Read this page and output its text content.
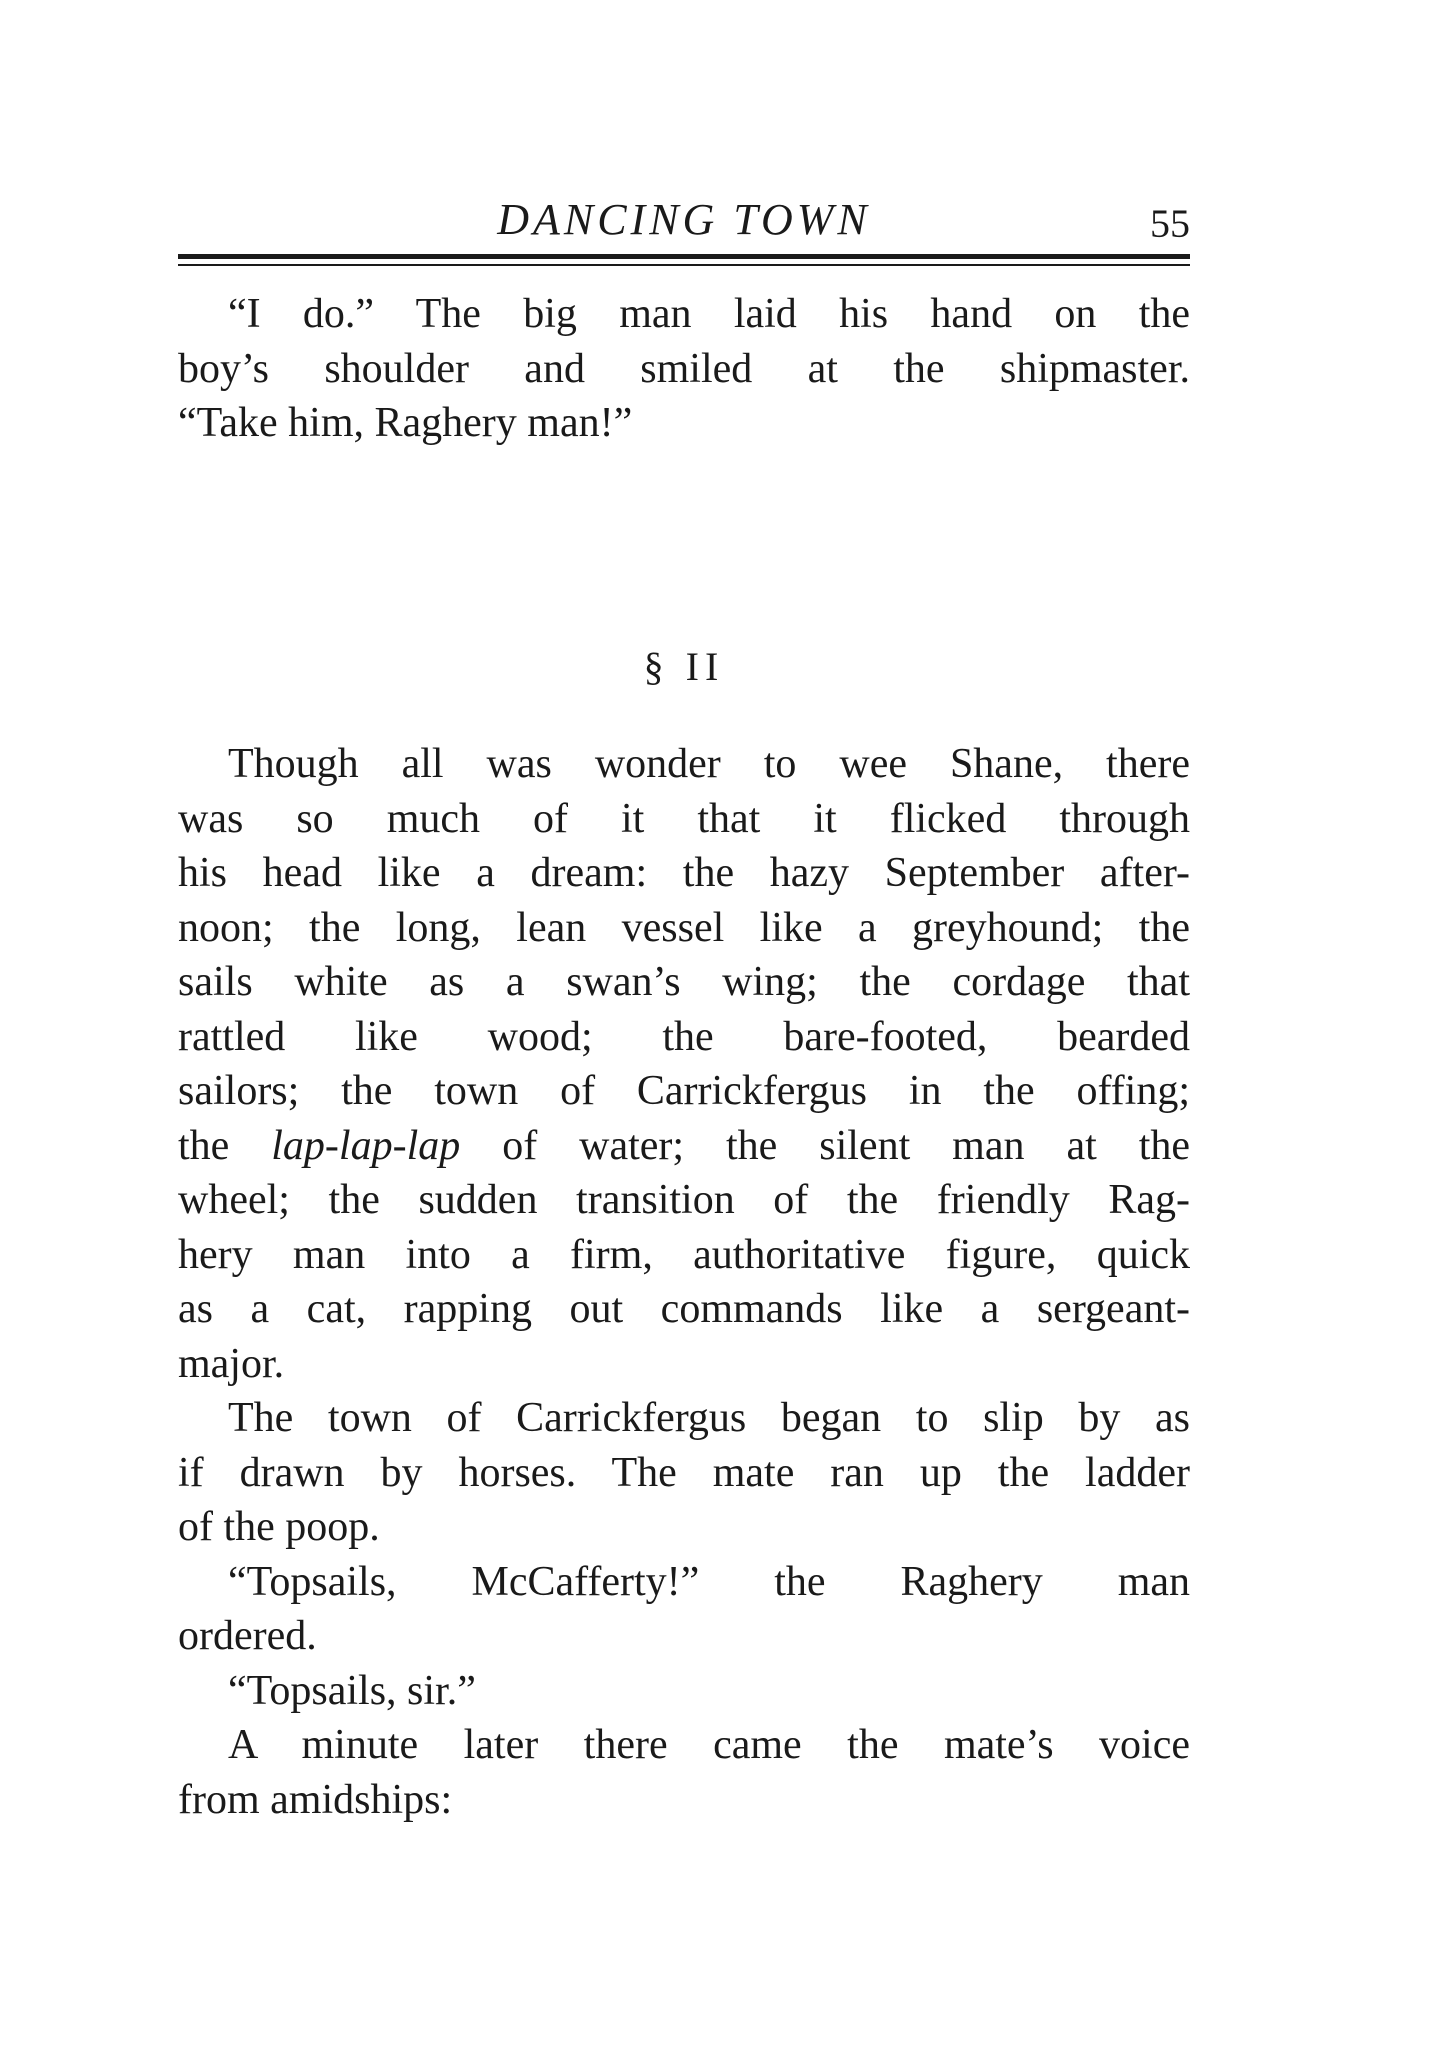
DANCING TOWN	55
“I do.” The big man laid his hand on the
boy’s shoulder and smiled at the shipmaster.
“Take him, Raghery man!”
§ II
Though all was wonder to wee Shane, there
was so much of it that it flicked through
his head like a dream: the hazy September after-
noon; the long, lean vessel like a greyhound; the
sails white as a swan’s wing; the cordage that
rattled like wood; the bare-footed, bearded
sailors; the town of Carrickfergus in the offing;
the lap-lap-lap of water; the silent man at the
wheel; the sudden transition of the friendly Rag-
hery man into a firm, authoritative figure, quick
as a cat, rapping out commands like a sergeant-
major.
The town of Carrickfergus began to slip by as
if drawn by horses. The mate ran up the ladder
of the poop.
“Topsails, McCafferty!” the Raghery man
ordered.
“Topsails, sir.”
A minute later there came the mate’s voice
from amidships:
